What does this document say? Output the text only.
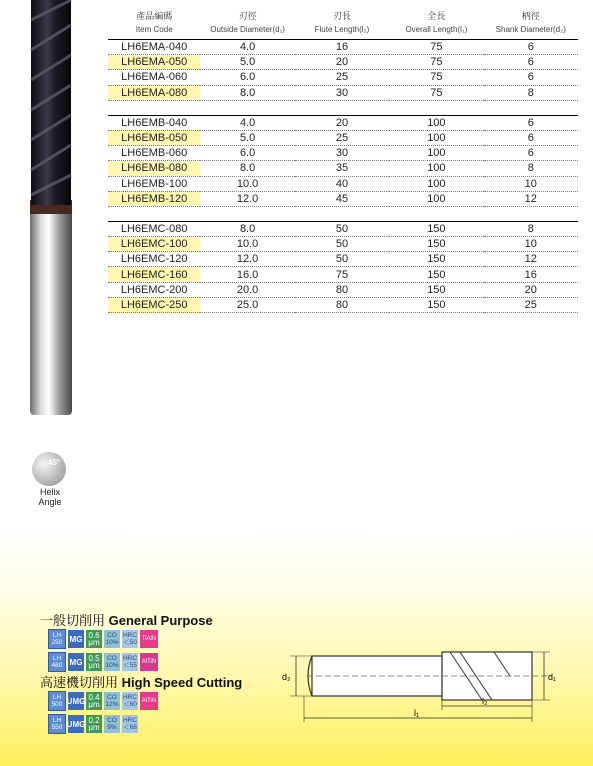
產品編碼	刃徑	刃長	全長	柄徑
Item Code	Outside Diameter(d₁)	Flute Length(l₂)	Overall Length(l₁)	Shank Diameter(d₂)
LH6EMA-040	4.0	16	75	6
LH6EMA-050	5.0	20	75	6
LH6EMA-060	6.0	25	75	6
LH6EMA-080	8.0	30	75	8

LH6EMB-040	4.0	20	100	6
LH6EMB-050	5.0	25	100	6
LH6EMB-060	6.0	30	100	6
LH6EMB-080	8.0	35	100	8
LH6EMB-100	10.0	40	100	10
LH6EMB-120	12.0	45	100	12

LH6EMC-080	8.0	50	150	8
LH6EMC-100	10.0	50	150	10
LH6EMC-120	12.0	50	150	12
LH6EMC-160	16.0	75	150	16
LH6EMC-200	20.0	80	150	20
LH6EMC-250	25.0	80	150	25
45°
Helix
Angle
一般切削用 General Purpose
LH
250 MG 0.6
μm
CO
10%
HRC
＜50
TiAlN
LH
460 MG 0.5
μm
CO
10%
HRC
＜55
AlTiN
高速機切削用 High Speed Cutting
LH
500 UMG 0.4
μm
CO
12%
HRC
＜60
AlTiN
LH
550 UMG 0.2
μm
CO
9%
HRC
＜68
d₂	d₁
l₂
l₁
